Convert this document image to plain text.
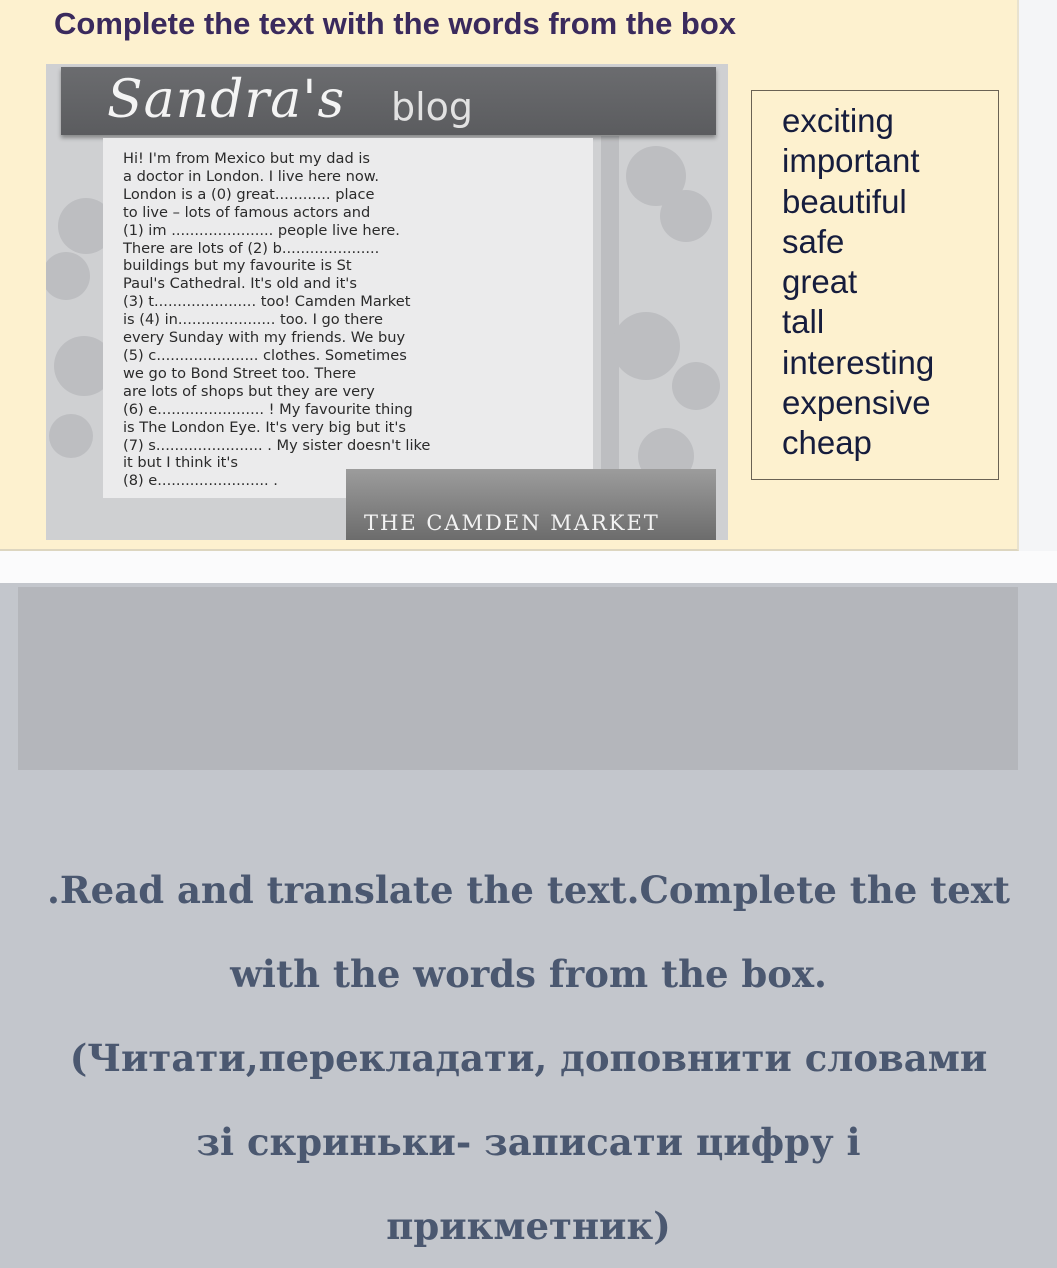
Complete the text with the words from the box
Sandra's blog

Hi! I'm from Mexico but my dad is

a doctor in London. I live here now.

London is a (0) great............ place

to live – lots of famous actors and

(1) im ...................... people live here.

There are lots of (2) b.....................

buildings but my favourite is St

Paul's Cathedral. It's old and it's

(3) t...................... too! Camden Market

is (4) in..................... too. I go there

every Sunday with my friends. We buy

(5) c...................... clothes. Sometimes

we go to Bond Street too. There

are lots of shops but they are very

(6) e....................... ! My favourite thing

is The London Eye. It's very big but it's

(7) s....................... . My sister doesn't like

it but I think it's

(8) e........................ .

THE CAMDEN MARKET
exciting
important
beautiful
safe
great
tall
interesting
expensive
cheap
.Read and translate the text.Complete the text
with the words from the box.
(Читати,перекладати, доповнити словами
зі скриньки- записати цифру і
прикметник)
